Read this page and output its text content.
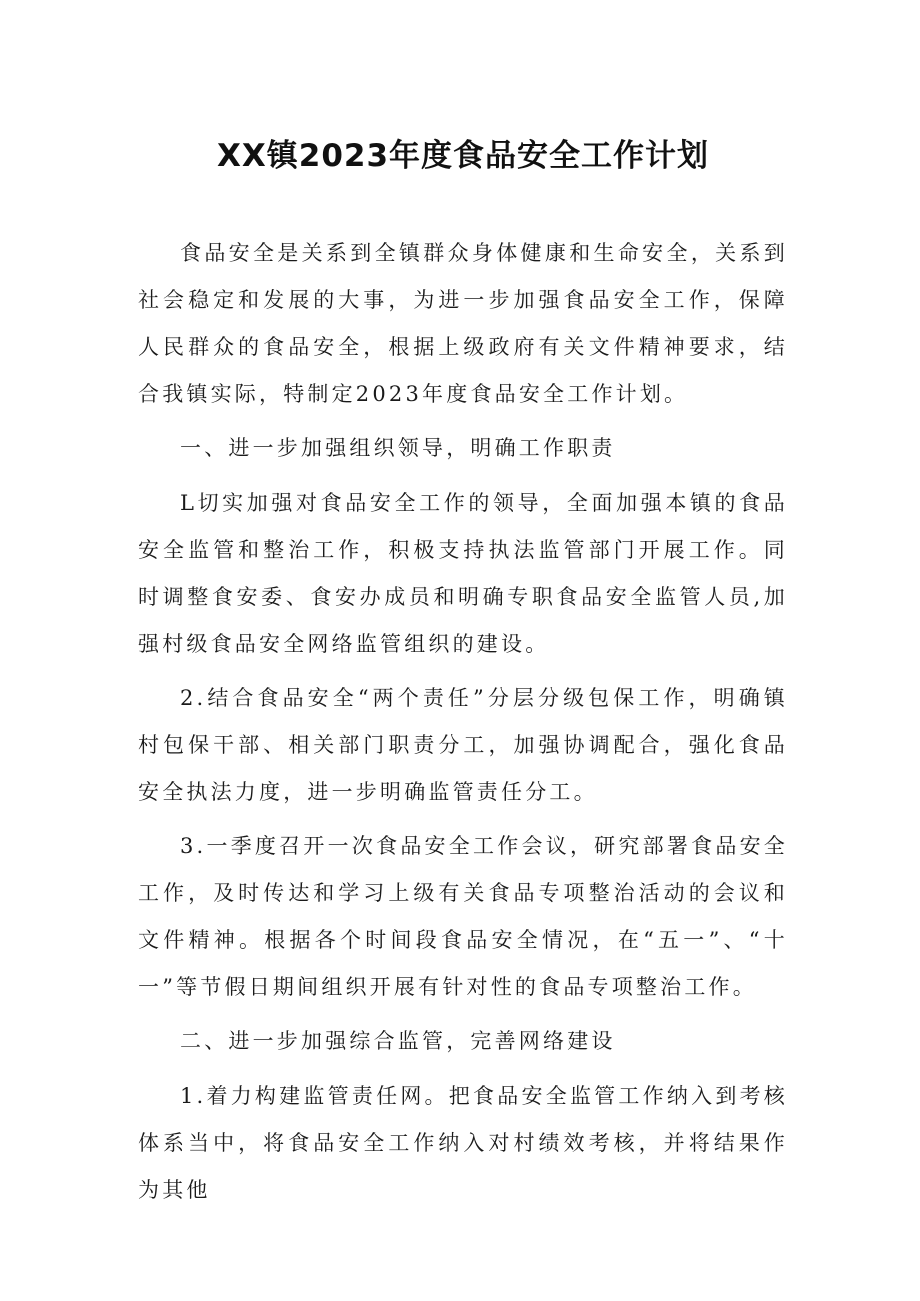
XX镇2023年度食品安全工作计划

食品安全是关系到全镇群众身体健康和生命安全，关系到社会稳定和发展的大事，为进一步加强食品安全工作，保障人民群众的食品安全，根据上级政府有关文件精神要求，结合我镇实际，特制定2023年度食品安全工作计划。

一、进一步加强组织领导，明确工作职责

L切实加强对食品安全工作的领导，全面加强本镇的食品安全监管和整治工作，积极支持执法监管部门开展工作。同时调整食安委、食安办成员和明确专职食品安全监管人员,加强村级食品安全网络监管组织的建设。

2.结合食品安全“两个责任”分层分级包保工作，明确镇村包保干部、相关部门职责分工，加强协调配合，强化食品安全执法力度，进一步明确监管责任分工。

3.一季度召开一次食品安全工作会议，研究部署食品安全工作，及时传达和学习上级有关食品专项整治活动的会议和文件精神。根据各个时间段食品安全情况，在“五一”、“十一”等节假日期间组织开展有针对性的食品专项整治工作。

二、进一步加强综合监管，完善网络建设

1.着力构建监管责任网。把食品安全监管工作纳入到考核体系当中，将食品安全工作纳入对村绩效考核，并将结果作为其他
